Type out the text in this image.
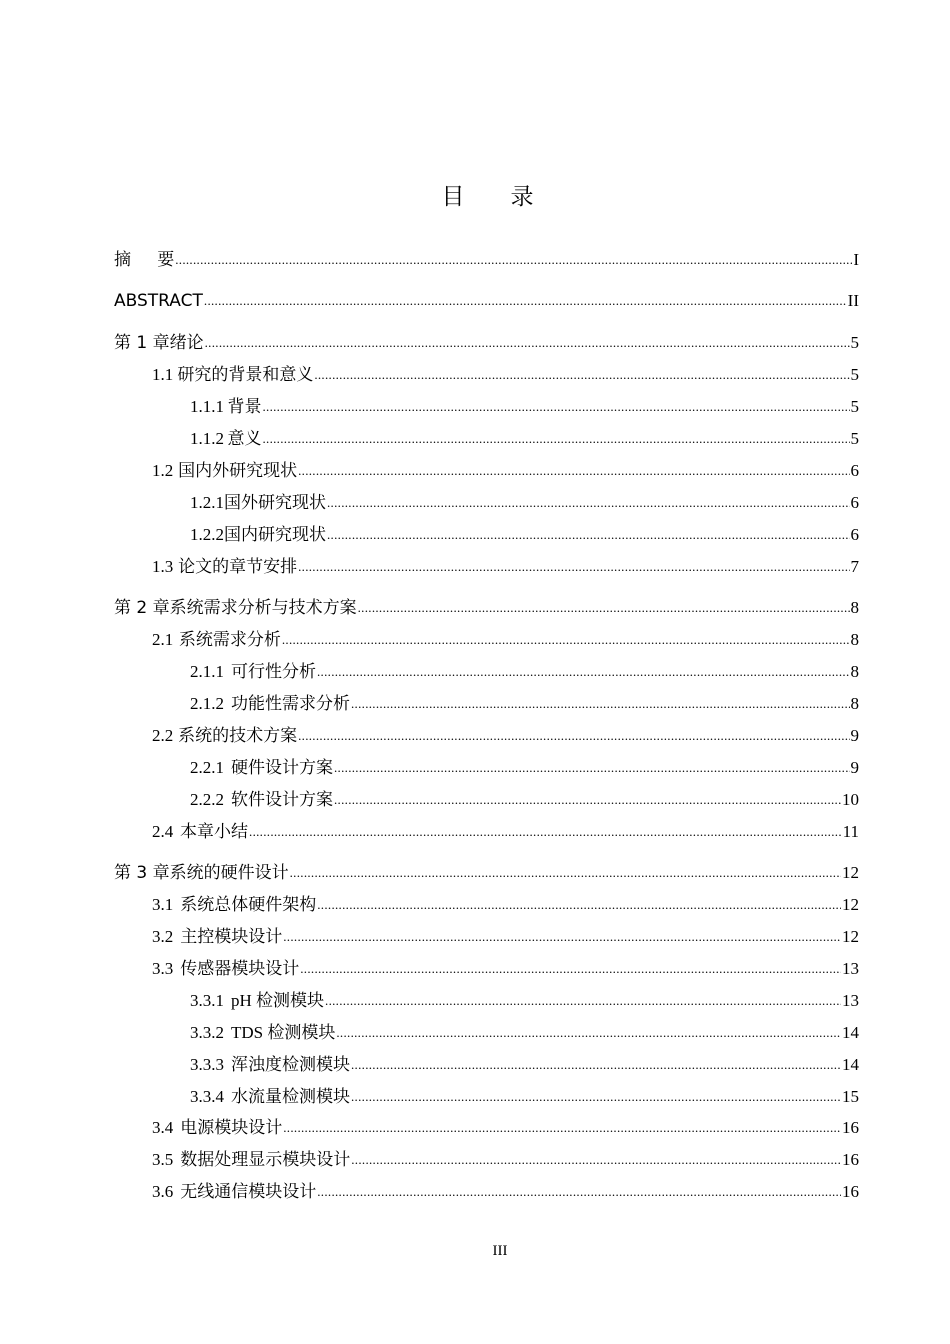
目 录
摘	要 .....	I
ABSTRACT .....	II
第 1 章 绪论 .....	5
1.1 研究的背景和意义 .....	5
1.1.1 背景 .....	5
1.1.2 意义 .....	5
1.2 国内外研究现状 .....	6
1.2.1 国外研究现状 .....	6
1.2.2 国内研究现状 .....	6
1.3 论文的章节安排 .....	7
第 2 章 系统需求分析与技术方案 .....	8
2.1 系统需求分析 .....	8
2.1.1 可行性分析 .....	8
2.1.2 功能性需求分析 .....	8
2.2 系统的技术方案 .....	9
2.2.1 硬件设计方案 .....	9
2.2.2 软件设计方案 .....	10
2.4 本章小结 .....	11
第 3 章 系统的硬件设计 .....	12
3.1 系统总体硬件架构 .....	12
3.2 主控模块设计 .....	12
3.3 传感器模块设计 .....	13
3.3.1 pH 检测模块 .....	13
3.3.2 TDS 检测模块 .....	14
3.3.3 浑浊度检测模块 .....	14
3.3.4 水流量检测模块 .....	15
3.4 电源模块设计 .....	16
3.5 数据处理显示模块设计 .....	16
3.6 无线通信模块设计 .....	16
III
